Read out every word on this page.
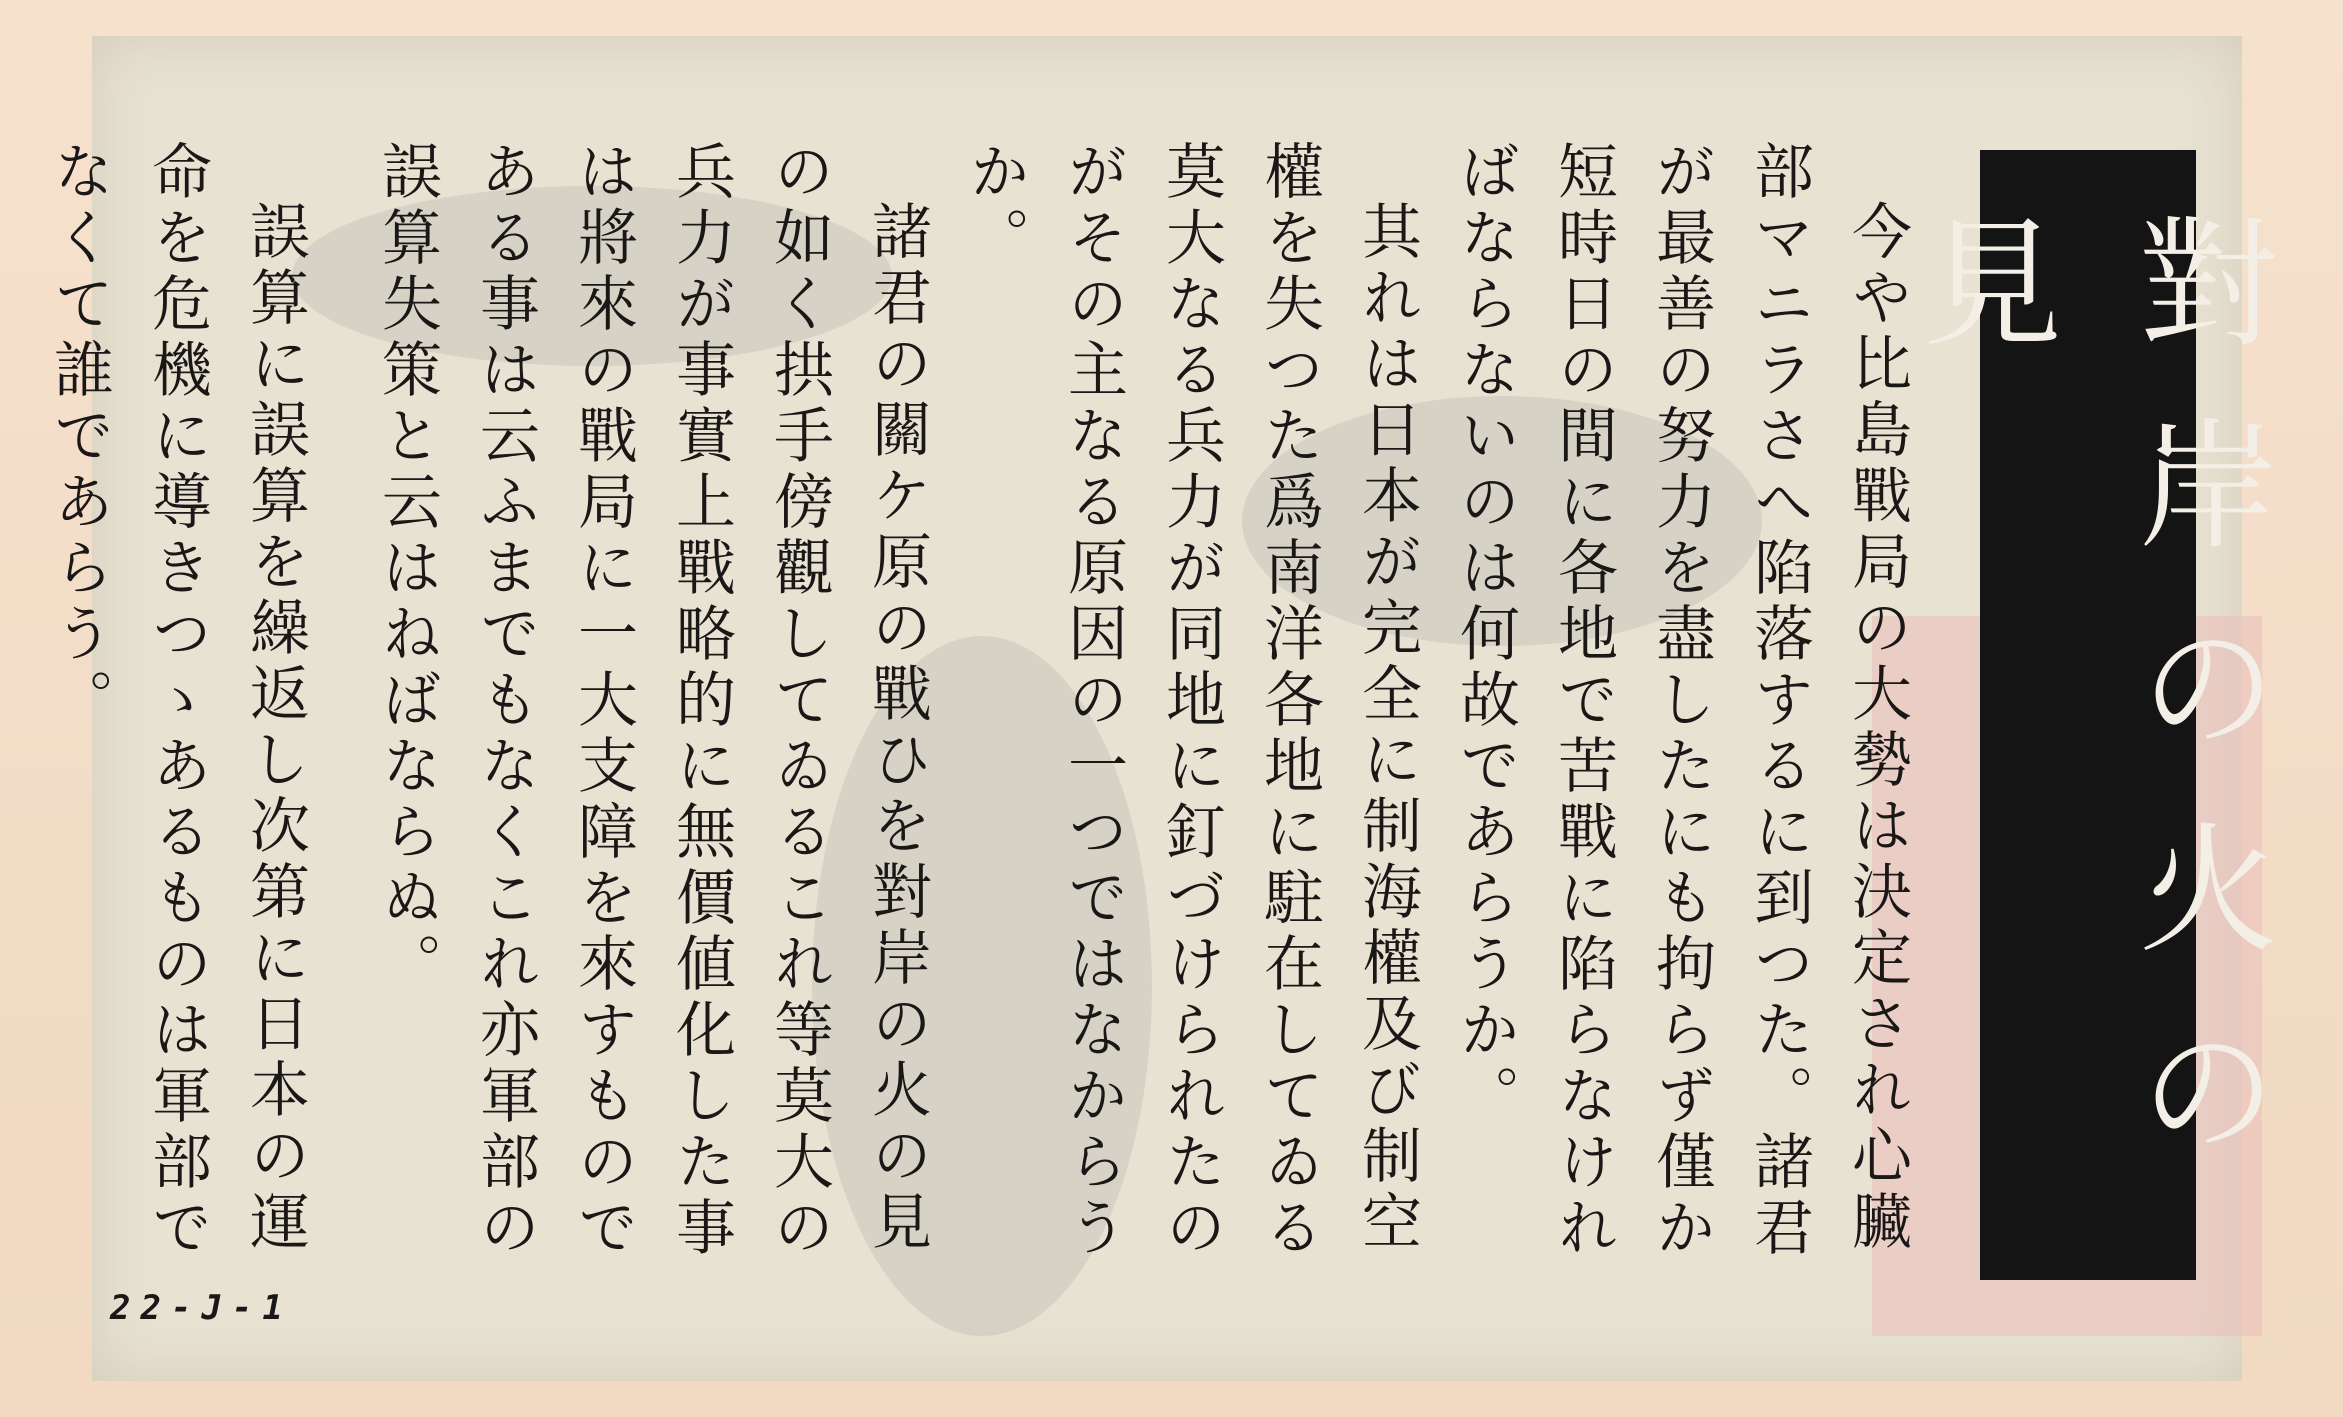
對岸の火の見

今や比島戰局の大勢は決定され心臟部マニラさへ陷落するに到つた。諸君が最善の努力を盡したにも拘らず僅か短時日の間に各地で苦戰に陷らなければならないのは何故であらうか。

其れは日本が完全に制海權及び制空權を失つた爲南洋各地に駐在してゐる莫大なる兵力が同地に釘づけられたのがその主なる原因の一つではなからうか。

諸君の關ケ原の戰ひを對岸の火の見の如く拱手傍觀してゐるこれ等莫大の兵力が事實上戰略的に無價値化した事は將來の戰局に一大支障を來すものである事は云ふまでもなくこれ亦軍部の誤算失策と云はねばならぬ。

誤算に誤算を繰返し次第に日本の運命を危機に導きつゝあるものは軍部でなくて誰であらう。

22-J-1
